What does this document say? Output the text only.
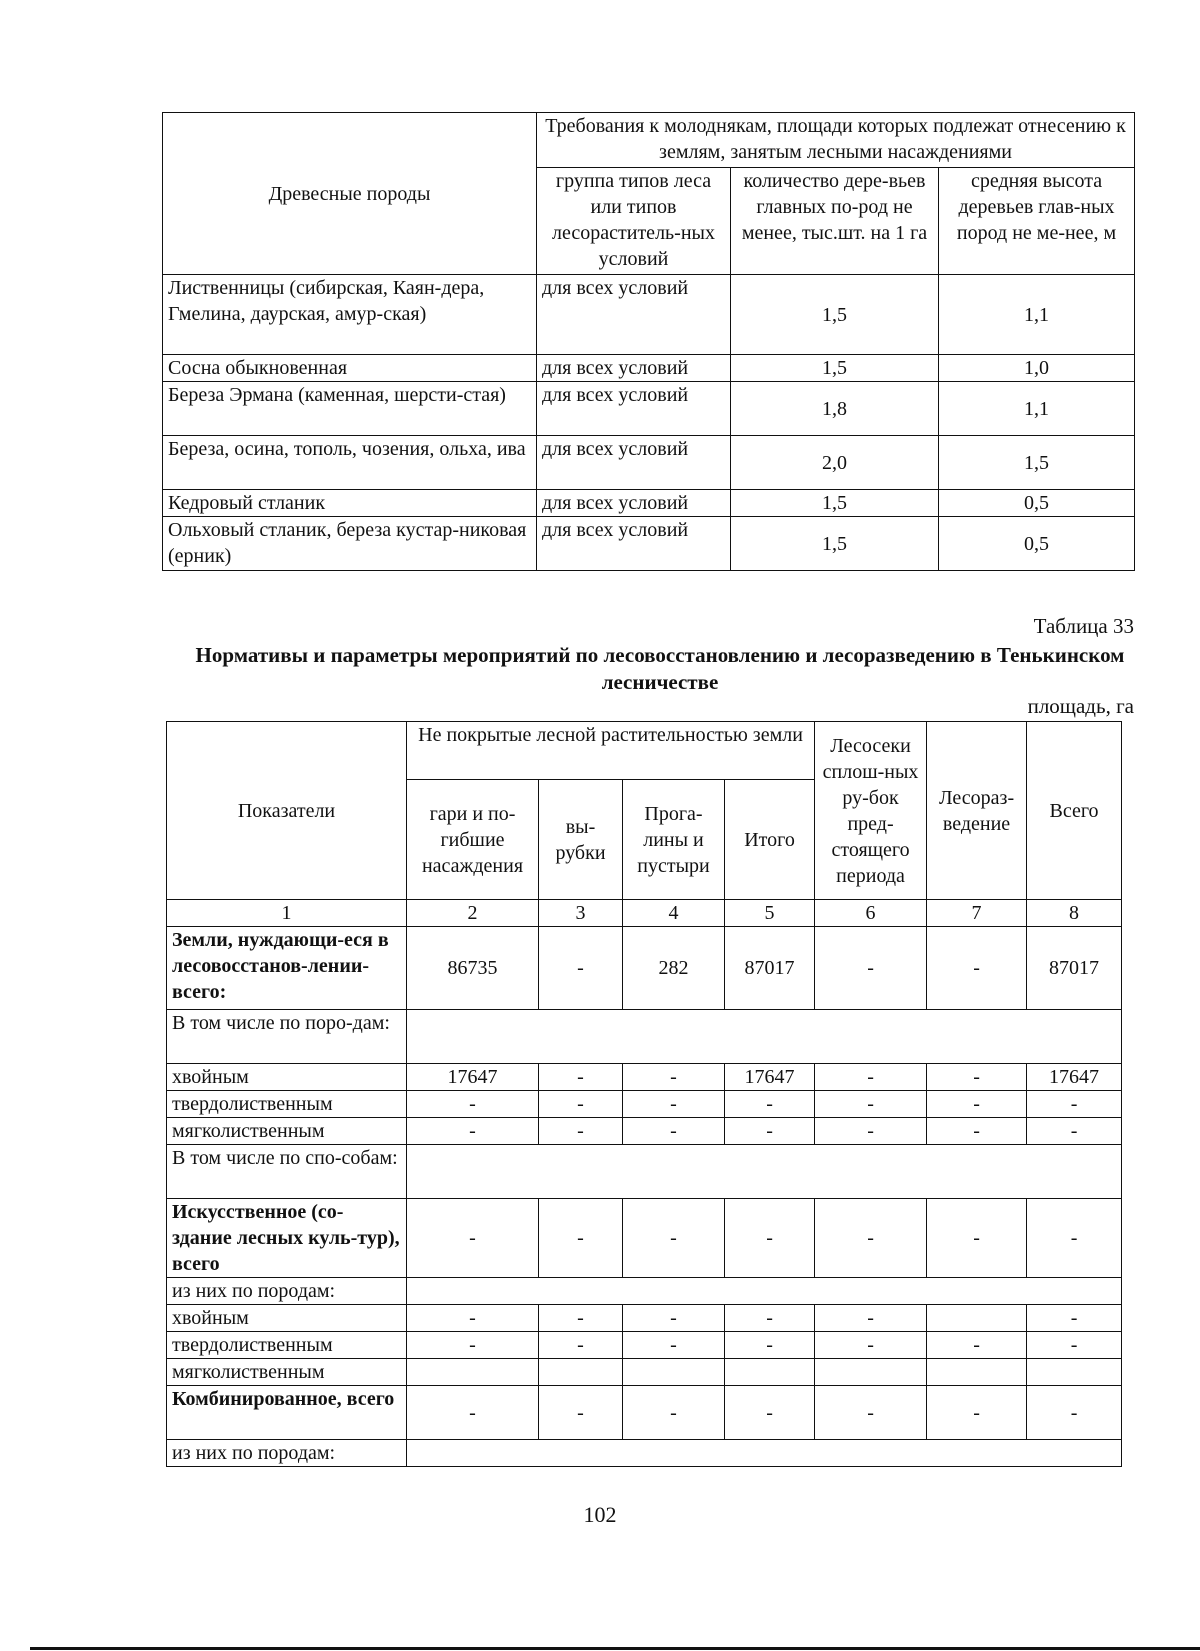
Древесные породы	Требования к молоднякам, площади которых подлежат отнесению к землям, занятым лесными насаждениями		
	группа типов леса или типов лесораститель-ных условий	количество дере-вьев главных по-род не менее, тыс.шт. на 1 га	средняя высота деревьев глав-ных пород не ме-нее, м
Лиственницы (сибирская, Каян-дера, Гмелина, даурская, амур-ская)	для всех условий	1,5	1,1
Сосна обыкновенная	для всех условий	1,5	1,0
Береза Эрмана (каменная, шерсти-стая)	для всех условий	1,8	1,1
Береза, осина, тополь, чозения, ольха, ива	для всех условий	2,0	1,5
Кедровый стланик	для всех условий	1,5	0,5
Ольховый стланик, береза кустар-никовая (ерник)	для всех условий	1,5	0,5
Таблица 33
Нормативы и параметры мероприятий по лесовосстановлению и лесоразведению в Тенькинском лесничестве
площадь, га
Показатели	Не покрытые лесной растительностью земли				Лесосеки сплош-ных ру-бок пред-стоящего периода	Лесораз-ведение	Всего
	гари и по-гибшие насаждения	вы-рубки	Прога-лины и пустыри	Итого			
1	2	3	4	5	6	7	8
Земли, нуждающи-еся в лесовосстанов-лении- всего:	86735	-	282	87017	-	-	87017
В том числе по поро-дам:							
хвойным	17647	-	-	17647	-	-	17647
твердолиственным	-	-	-	-	-	-	-
мягколиственным	-	-	-	-	-	-	-
В том числе по спо-собам:							
Искусственное (со-здание лесных куль-тур), всего	-	-	-	-	-	-	-
из них по породам:							
хвойным	-	-	-	-	-		-
твердолиственным	-	-	-	-	-	-	-
мягколиственным							
Комбинированное, всего	-	-	-	-	-	-	-
из них по породам:							
102
